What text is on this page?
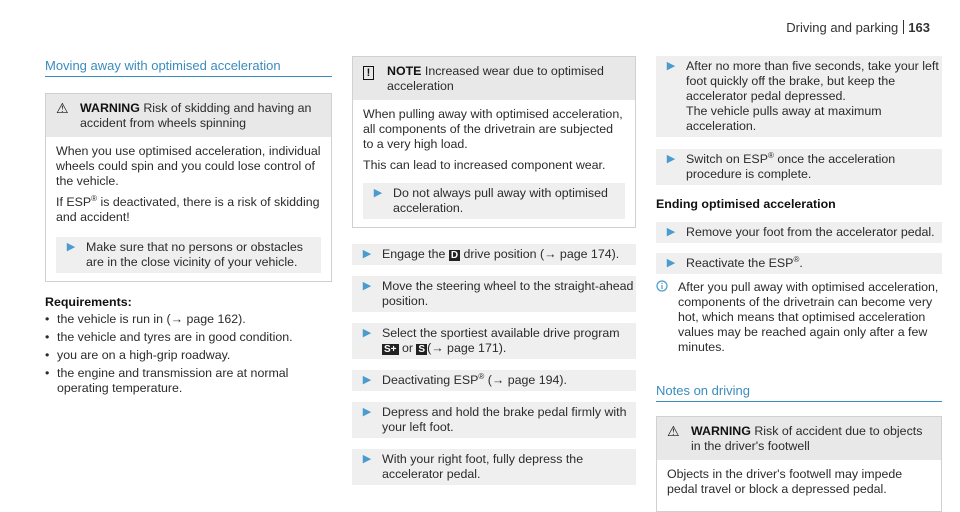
Driving and parking 163
Moving away with optimised acceleration
⚠ WARNING Risk of skidding and having an accident from wheels spinning

When you use optimised acceleration, individual wheels could spin and you could lose control of the vehicle.

If ESP® is deactivated, there is a risk of skidding and accident!

▶ Make sure that no persons or obstacles are in the close vicinity of your vehicle.
Requirements:
• the vehicle is run in (→ page 162).
• the vehicle and tyres are in good condition.
• you are on a high-grip roadway.
• the engine and transmission are at normal operating temperature.
!	NOTE Increased wear due to optimised acceleration

When pulling away with optimised acceleration, all components of the drivetrain are subjected to a very high load.

This can lead to increased component wear.

▶ Do not always pull away with optimised acceleration.
▶ Engage the D drive position (→ page 174).
▶ Move the steering wheel to the straight-ahead position.
▶ Select the sportiest available drive program
S+ or S (→ page 171).
▶ Deactivating ESP® (→ page 194).
▶ Depress and hold the brake pedal firmly with your left foot.
▶ With your right foot, fully depress the accelerator pedal.
▶ After no more than five seconds, take your left foot quickly off the brake, but keep the accelerator pedal depressed.
The vehicle pulls away at maximum acceleration.
▶ Switch on ESP® once the acceleration procedure is complete.
Ending optimised acceleration
▶ Remove your foot from the accelerator pedal.
▶ Reactivate the ESP®.
After you pull away with optimised acceleration, components of the drivetrain can become very hot, which means that optimised acceleration values may be reached again only after a few minutes.
Notes on driving
⚠ WARNING Risk of accident due to objects in the driver's footwell

Objects in the driver's footwell may impede pedal travel or block a depressed pedal.
